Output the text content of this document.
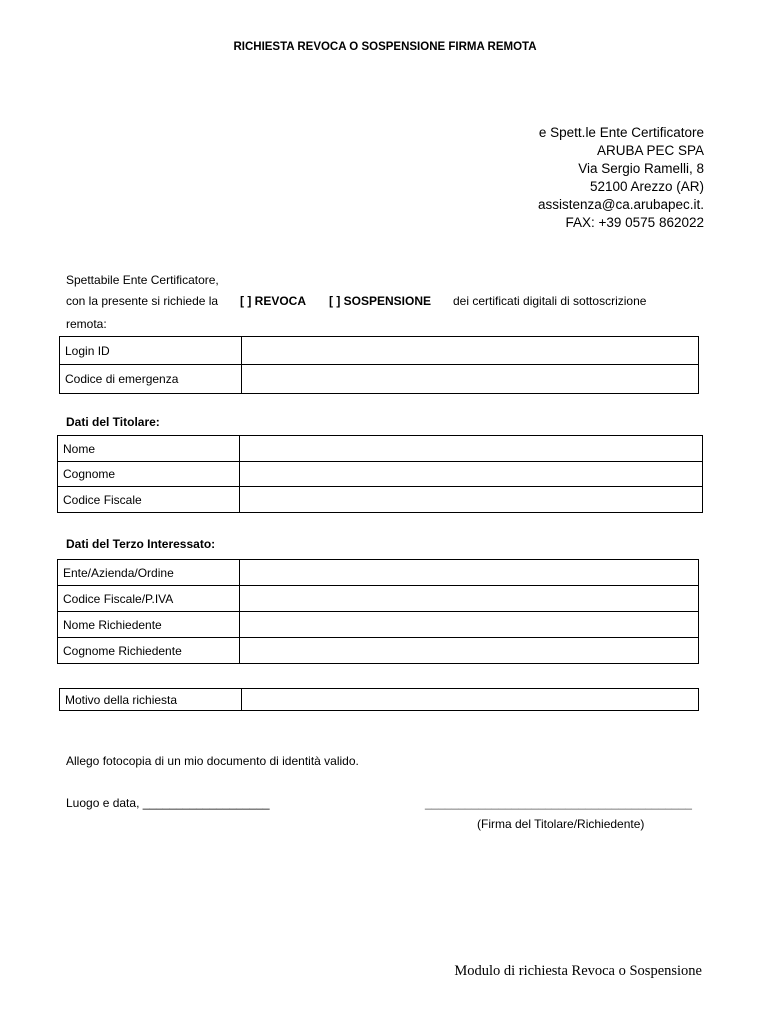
RICHIESTA REVOCA O SOSPENSIONE FIRMA REMOTA
e Spett.le Ente Certificatore
ARUBA PEC SPA
Via Sergio Ramelli, 8
52100 Arezzo (AR)
assistenza@ca.arubapec.it.
FAX: +39 0575 862022
Spettabile Ente Certificatore,
con la presente si richiede la [ ] REVOCA [ ] SOSPENSIONE dei certificati digitali di sottoscrizione
remota:
Login ID	
Codice di emergenza	
Dati del Titolare:
Nome	
Cognome	
Codice Fiscale	
Dati del Terzo Interessato:
Ente/Azienda/Ordine	
Codice Fiscale/P.IVA	
Nome Richiedente	
Cognome Richiedente	
Motivo della richiesta	
Allego fotocopia di un mio documento di identità valido.
Luogo e data, ___________________	________________________________________
(Firma del Titolare/Richiedente)
Modulo di richiesta Revoca o Sospensione
